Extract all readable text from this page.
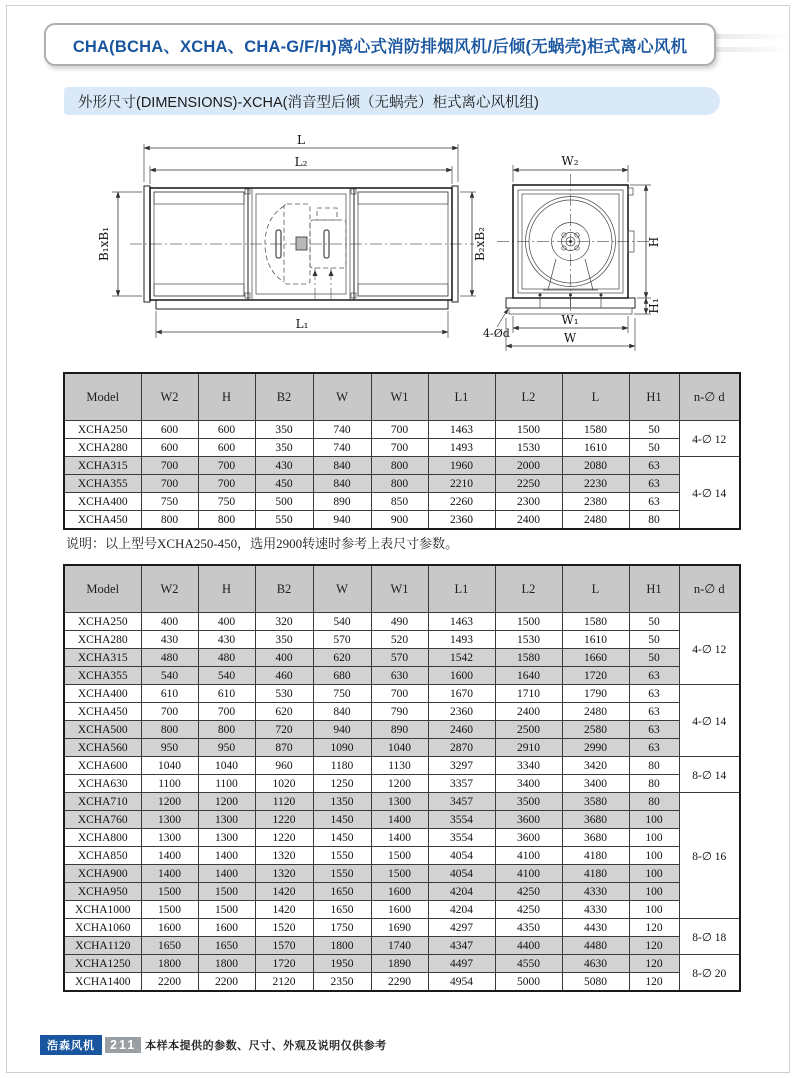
CHA(BCHA、XCHA、CHA-G/F/H)离心式消防排烟风机/后倾(无蜗壳)柜式离心风机
外形尺寸(DIMENSIONS)-XCHA(消音型后倾（无蜗壳）柜式离心风机组)
L
L₂
B₁xB₁	B₂xB₂
L₁
W₂
H
H₁
W₁
W
4-Ød
Model	W2	H	B2	W	W1	L1	L2	L	H1	n-∅ d
XCHA250	600	600	350	740	700	1463	1500	1580	50	4-∅ 12
XCHA280	600	600	350	740	700	1493	1530	1610	50	
XCHA315	700	700	430	840	800	1960	2000	2080	63	4-∅ 14
XCHA355	700	700	450	840	800	2210	2250	2230	63	
XCHA400	750	750	500	890	850	2260	2300	2380	63	
XCHA450	800	800	550	940	900	2360	2400	2480	80	
说明：以上型号XCHA250-450，选用2900转速时参考上表尺寸参数。
Model	W2	H	B2	W	W1	L1	L2	L	H1	n-∅ d
XCHA250	400	400	320	540	490	1463	1500	1580	50	4-∅ 12
XCHA280	430	430	350	570	520	1493	1530	1610	50	
XCHA315	480	480	400	620	570	1542	1580	1660	50	
XCHA355	540	540	460	680	630	1600	1640	1720	63	
XCHA400	610	610	530	750	700	1670	1710	1790	63	4-∅ 14
XCHA450	700	700	620	840	790	2360	2400	2480	63	
XCHA500	800	800	720	940	890	2460	2500	2580	63	
XCHA560	950	950	870	1090	1040	2870	2910	2990	63	
XCHA600	1040	1040	960	1180	1130	3297	3340	3420	80	8-∅ 14
XCHA630	1100	1100	1020	1250	1200	3357	3400	3400	80	
XCHA710	1200	1200	1120	1350	1300	3457	3500	3580	80	8-∅ 16
XCHA760	1300	1300	1220	1450	1400	3554	3600	3680	100	
XCHA800	1300	1300	1220	1450	1400	3554	3600	3680	100	
XCHA850	1400	1400	1320	1550	1500	4054	4100	4180	100	
XCHA900	1400	1400	1320	1550	1500	4054	4100	4180	100	
XCHA950	1500	1500	1420	1650	1600	4204	4250	4330	100	
XCHA1000	1500	1500	1420	1650	1600	4204	4250	4330	100	
XCHA1060	1600	1600	1520	1750	1690	4297	4350	4430	120	8-∅ 18
XCHA1120	1650	1650	1570	1800	1740	4347	4400	4480	120	
XCHA1250	1800	1800	1720	1950	1890	4497	4550	4630	120	8-∅ 20
XCHA1400	2200	2200	2120	2350	2290	4954	5000	5080	120	
浩森风机	211 本样本提供的参数、尺寸、外观及说明仅供参考
